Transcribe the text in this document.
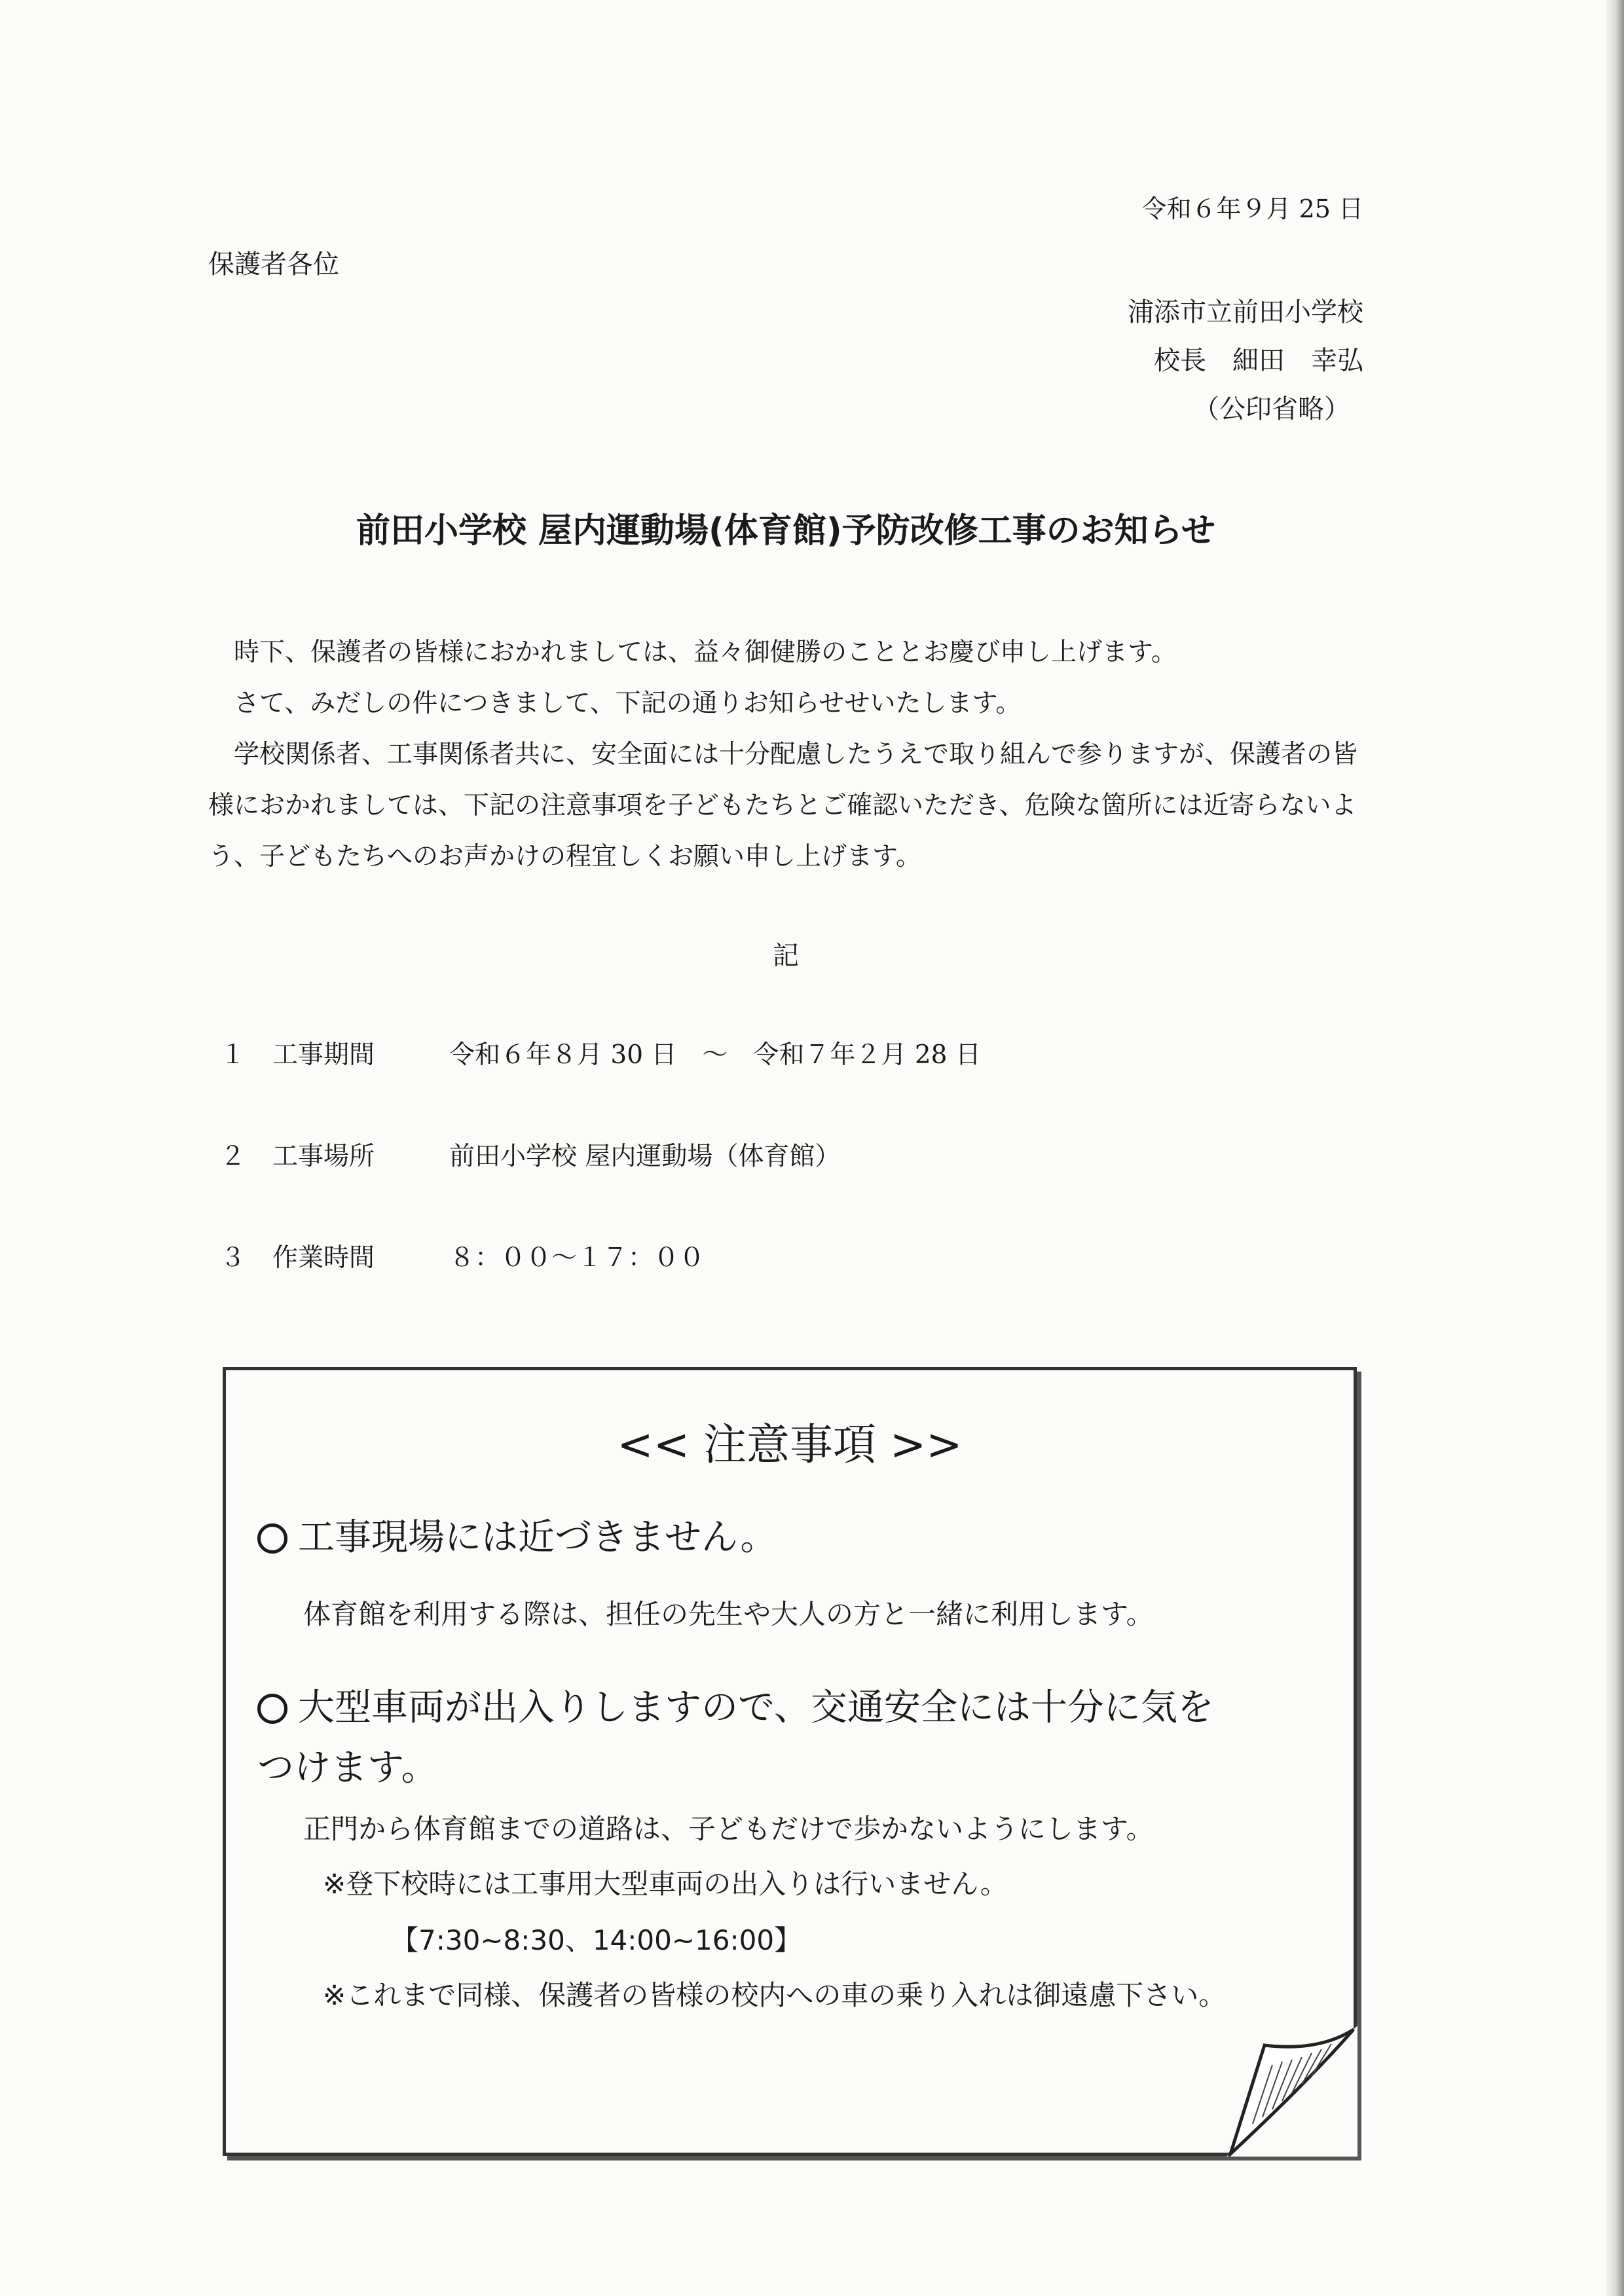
令和６年９月 25 日
保護者各位
浦添市立前田小学校
校長　細田　幸弘
（公印省略）
前田小学校 屋内運動場(体育館)予防改修工事のお知らせ

時下、保護者の皆様におかれましては、益々御健勝のこととお慶び申し上げます。

さて、みだしの件につきまして、下記の通りお知らせせいたします。

学校関係者、工事関係者共に、安全面には十分配慮したうえで取り組んで参りますが、保護者の皆様におかれましては、下記の注意事項を子どもたちとご確認いただき、危険な箇所には近寄らないよう、子どもたちへのお声かけの程宜しくお願い申し上げます。

記
１	工事期間	令和６年８月 30 日　～　令和７年２月 28 日
２	工事場所	前田小学校 屋内運動場（体育館）
３	作業時間	８：００～１７：００
<< 注意事項 >>
工事現場には近づきません。
体育館を利用する際は、担任の先生や大人の方と一緒に利用します。
大型車両が出入りしますので、交通安全には十分に気を
つけます。
正門から体育館までの道路は、子どもだけで歩かないようにします。
※登下校時には工事用大型車両の出入りは行いません。
【7:30~8:30、14:00~16:00】
※これまで同様、保護者の皆様の校内への車の乗り入れは御遠慮下さい。
